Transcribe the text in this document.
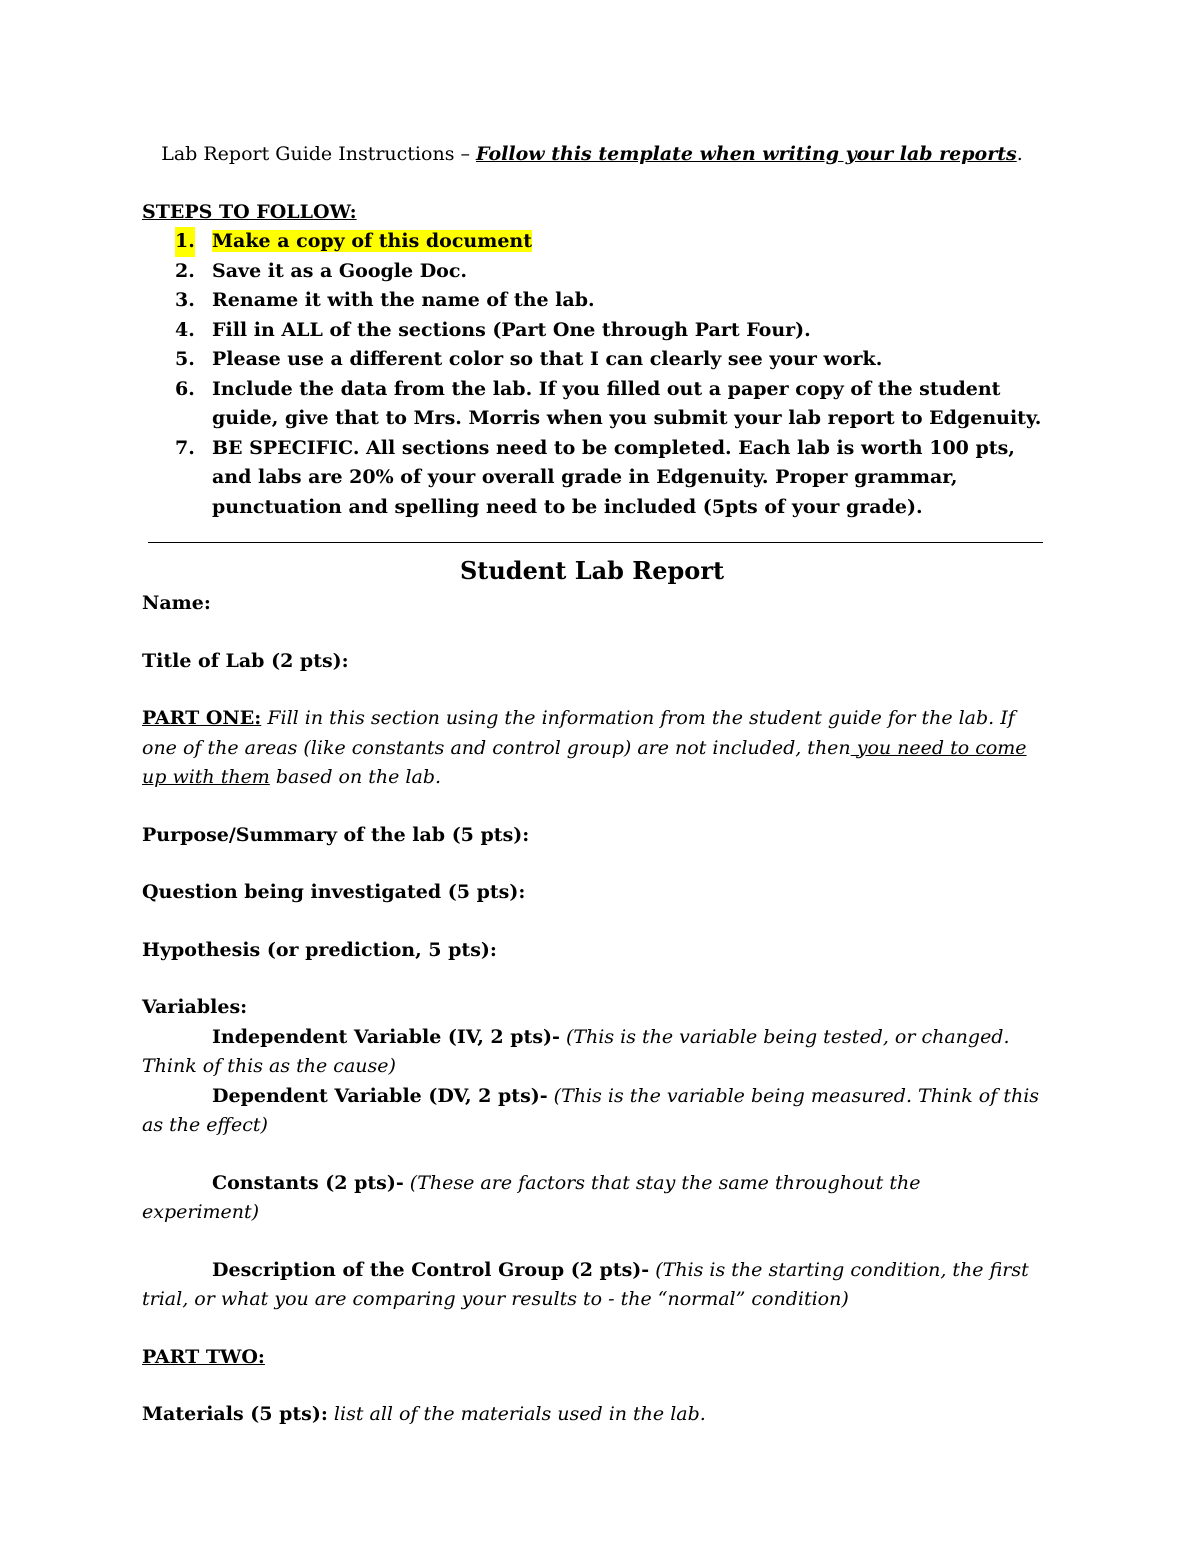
Lab Report Guide Instructions – Follow this template when writing your lab reports.

STEPS TO FOLLOW:

1. Make a copy of this document
2. Save it as a Google Doc.
3. Rename it with the name of the lab.
4. Fill in ALL of the sections (Part One through Part Four).
5. Please use a different color so that I can clearly see your work.
6. Include the data from the lab. If you filled out a paper copy of the student guide, give that to Mrs. Morris when you submit your lab report to Edgenuity.
7. BE SPECIFIC. All sections need to be completed. Each lab is worth 100 pts, and labs are 20% of your overall grade in Edgenuity. Proper grammar, punctuation and spelling need to be included (5pts of your grade).

Student Lab Report

Name:

Title of Lab (2 pts):

PART ONE: Fill in this section using the information from the student guide for the lab. If one of the areas (like constants and control group) are not included, then you need to come up with them based on the lab.

Purpose/Summary of the lab (5 pts):

Question being investigated (5 pts):

Hypothesis (or prediction, 5 pts):

Variables:

Independent Variable (IV, 2 pts)- (This is the variable being tested, or changed. Think of this as the cause)

Dependent Variable (DV, 2 pts)- (This is the variable being measured. Think of this as the effect)

Constants (2 pts)- (These are factors that stay the same throughout the experiment)

Description of the Control Group (2 pts)- (This is the starting condition, the first trial, or what you are comparing your results to - the “normal” condition)

PART TWO:

Materials (5 pts): list all of the materials used in the lab.
